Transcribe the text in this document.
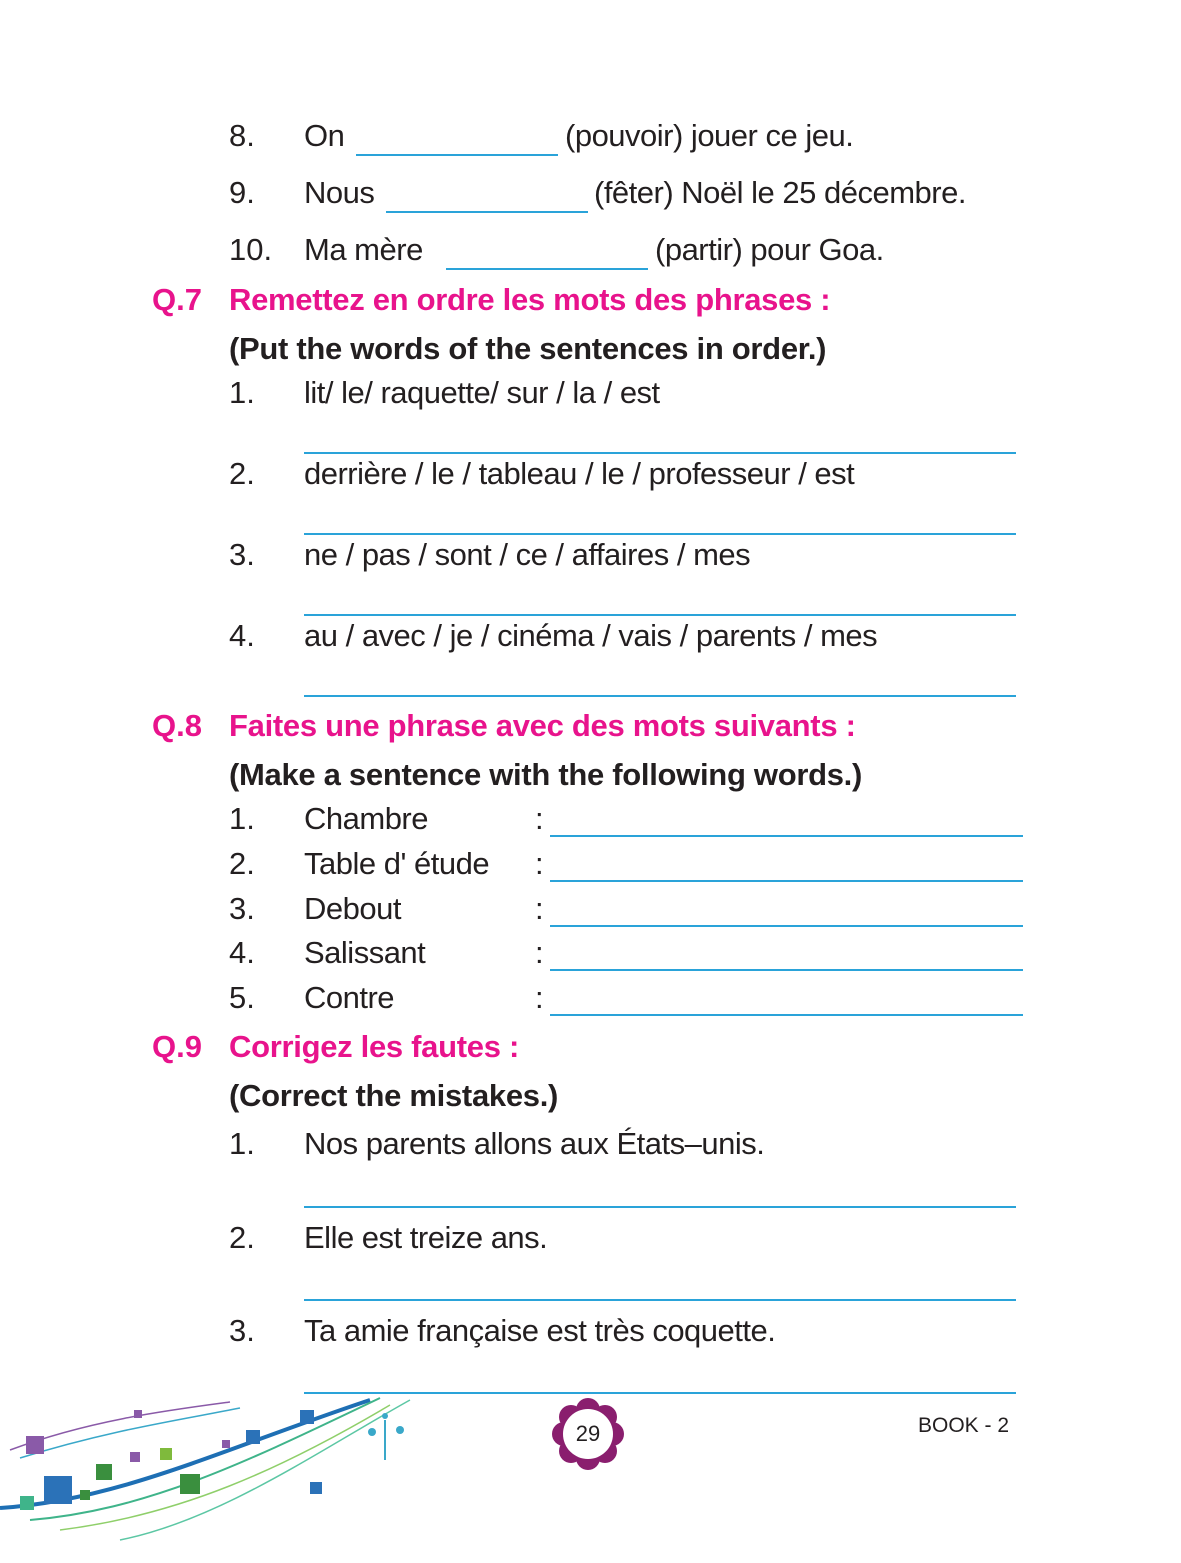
8. On	(pouvoir) jouer ce jeu.
9. Nous	(fêter) Noël le 25 décembre.
10. Ma mère	(partir) pour Goa.
Q.7 Remettez en ordre les mots des phrases :
(Put the words of the sentences in order.)
1. lit/ le/ raquette/ sur / la / est
2. derrière / le / tableau / le / professeur / est
3. ne / pas / sont / ce / affaires / mes
4. au / avec / je / cinéma / vais / parents / mes
Q.8 Faites une phrase avec des mots suivants :
(Make a sentence with the following words.)
1. Chambre	:
2. Table d' étude :
3. Debout	:
4. Salissant	:
5. Contre	:
Q.9 Corrigez les fautes :
(Correct the mistakes.)
1. Nos parents allons aux États–unis.
2. Elle est treize ans.
3. Ta amie française est très coquette.
29	BOOK - 2
